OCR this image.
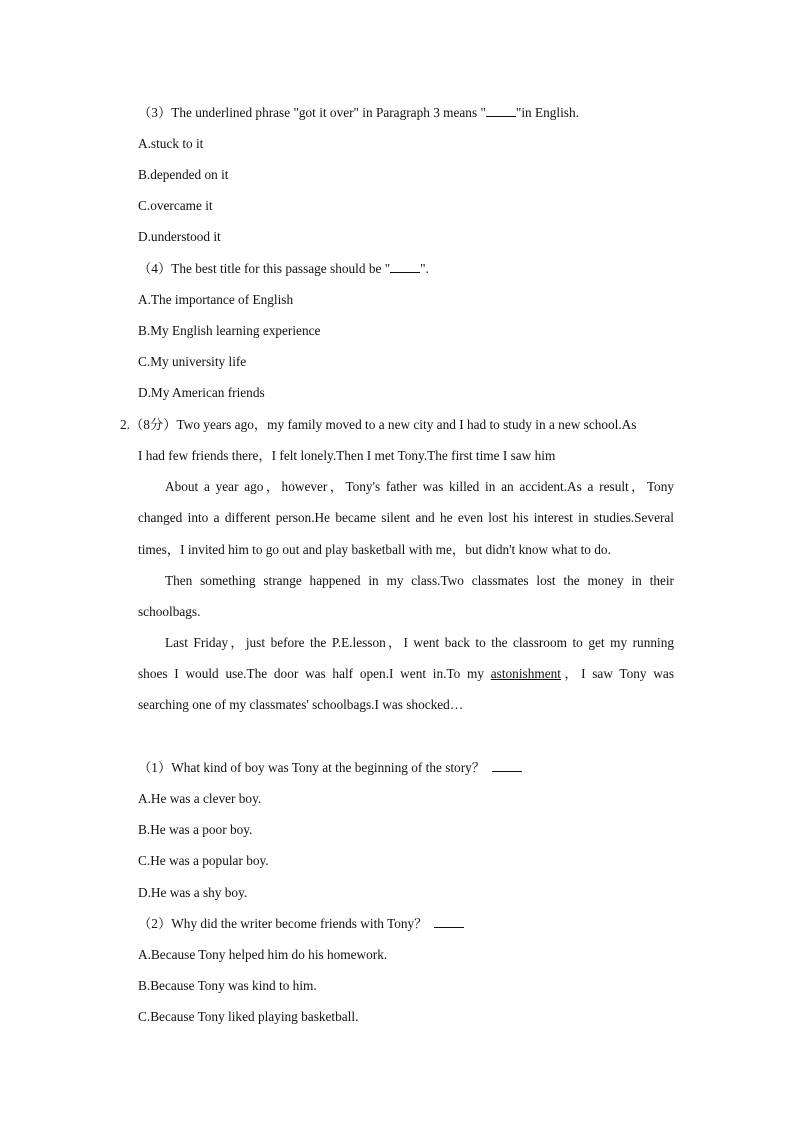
（3）The underlined phrase "got it over" in Paragraph 3 means " "in English.
A.stuck to it
B.depended on it
C.overcame it
D.understood it
（4）The best title for this passage should be " ".
A.The importance of English
B.My English learning experience
C.My university life
D.My American friends
2.（8分）Two years ago，my family moved to a new city and I had to study in a new school.As
I had few friends there，I felt lonely.Then I met Tony.The first time I saw him
About a year ago，however，Tony's father was killed in an accident.As a result，Tony
changed into a different person.He became silent and he even lost his interest in studies.Several
times，I invited him to go out and play basketball with me，but didn't know what to do.
Then something strange happened in my class.Two classmates lost the money in their
schoolbags.
Last Friday，just before the P.E.lesson，I went back to the classroom to get my running
shoes I would use.The door was half open.I went in.To my astonishment，I saw Tony was
searching one of my classmates' schoolbags.I was shocked…
（1）What kind of boy was Tony at the beginning of the story？
A.He was a clever boy.
B.He was a poor boy.
C.He was a popular boy.
D.He was a shy boy.
（2）Why did the writer become friends with Tony？
A.Because Tony helped him do his homework.
B.Because Tony was kind to him.
C.Because Tony liked playing basketball.
